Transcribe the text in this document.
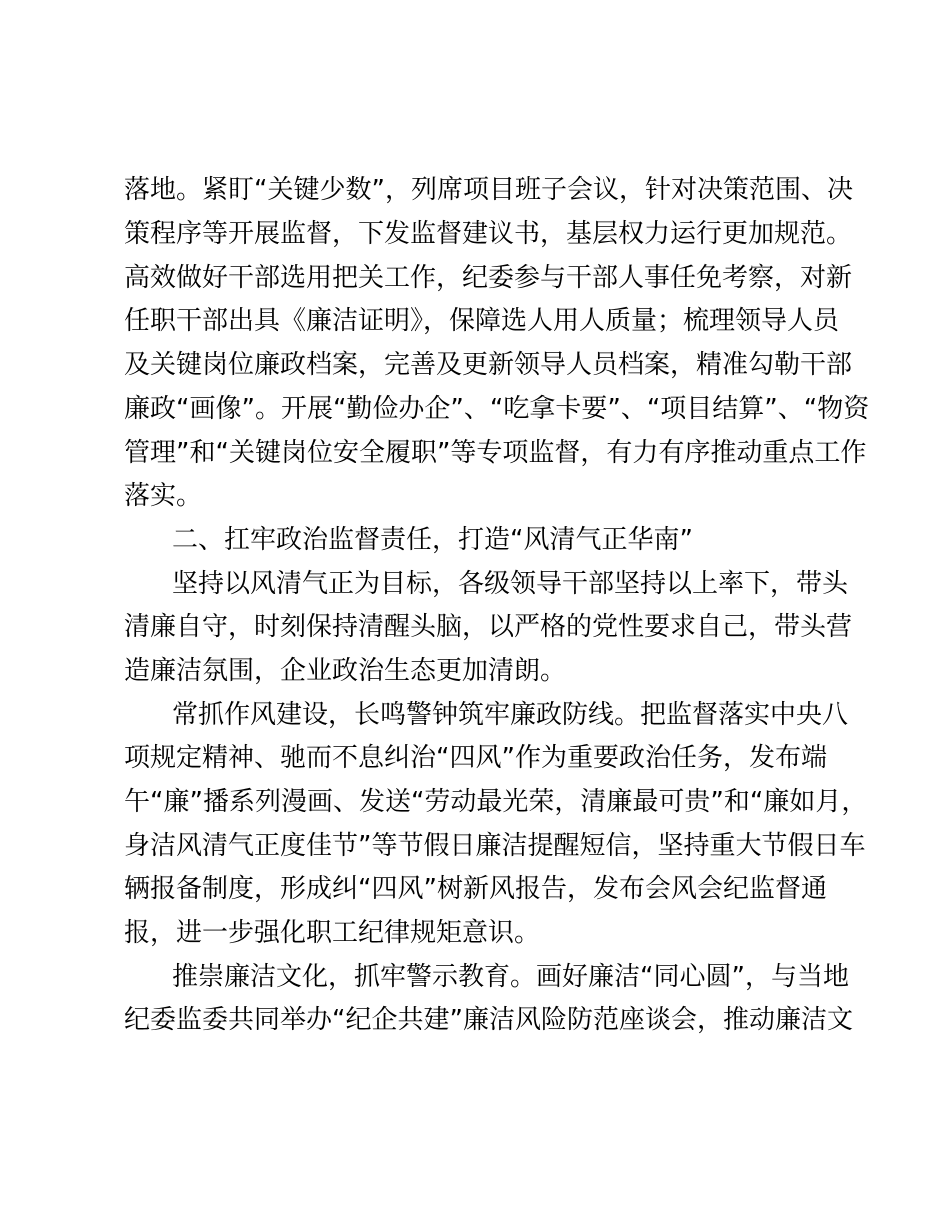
落地。紧盯“关键少数”，列席项目班子会议，针对决策范围、决
策程序等开展监督，下发监督建议书，基层权力运行更加规范。
高效做好干部选用把关工作，纪委参与干部人事任免考察，对新
任职干部出具《廉洁证明》，保障选人用人质量；梳理领导人员
及关键岗位廉政档案，完善及更新领导人员档案，精准勾勒干部
廉政“画像”。开展“勤俭办企”、“吃拿卡要”、“项目结算”、“物资
管理”和“关键岗位安全履职”等专项监督，有力有序推动重点工作
落实。
二、扛牢政治监督责任，打造“风清气正华南”
坚持以风清气正为目标，各级领导干部坚持以上率下，带头
清廉自守，时刻保持清醒头脑，以严格的党性要求自己，带头营
造廉洁氛围，企业政治生态更加清朗。
常抓作风建设，长鸣警钟筑牢廉政防线。把监督落实中央八
项规定精神、驰而不息纠治“四风”作为重要政治任务，发布端
午“廉”播系列漫画、发送“劳动最光荣，清廉最可贵”和“廉如月，
身洁风清气正度佳节”等节假日廉洁提醒短信，坚持重大节假日车
辆报备制度，形成纠“四风”树新风报告，发布会风会纪监督通
报，进一步强化职工纪律规矩意识。
推崇廉洁文化，抓牢警示教育。画好廉洁“同心圆”，与当地
纪委监委共同举办“纪企共建”廉洁风险防范座谈会，推动廉洁文
